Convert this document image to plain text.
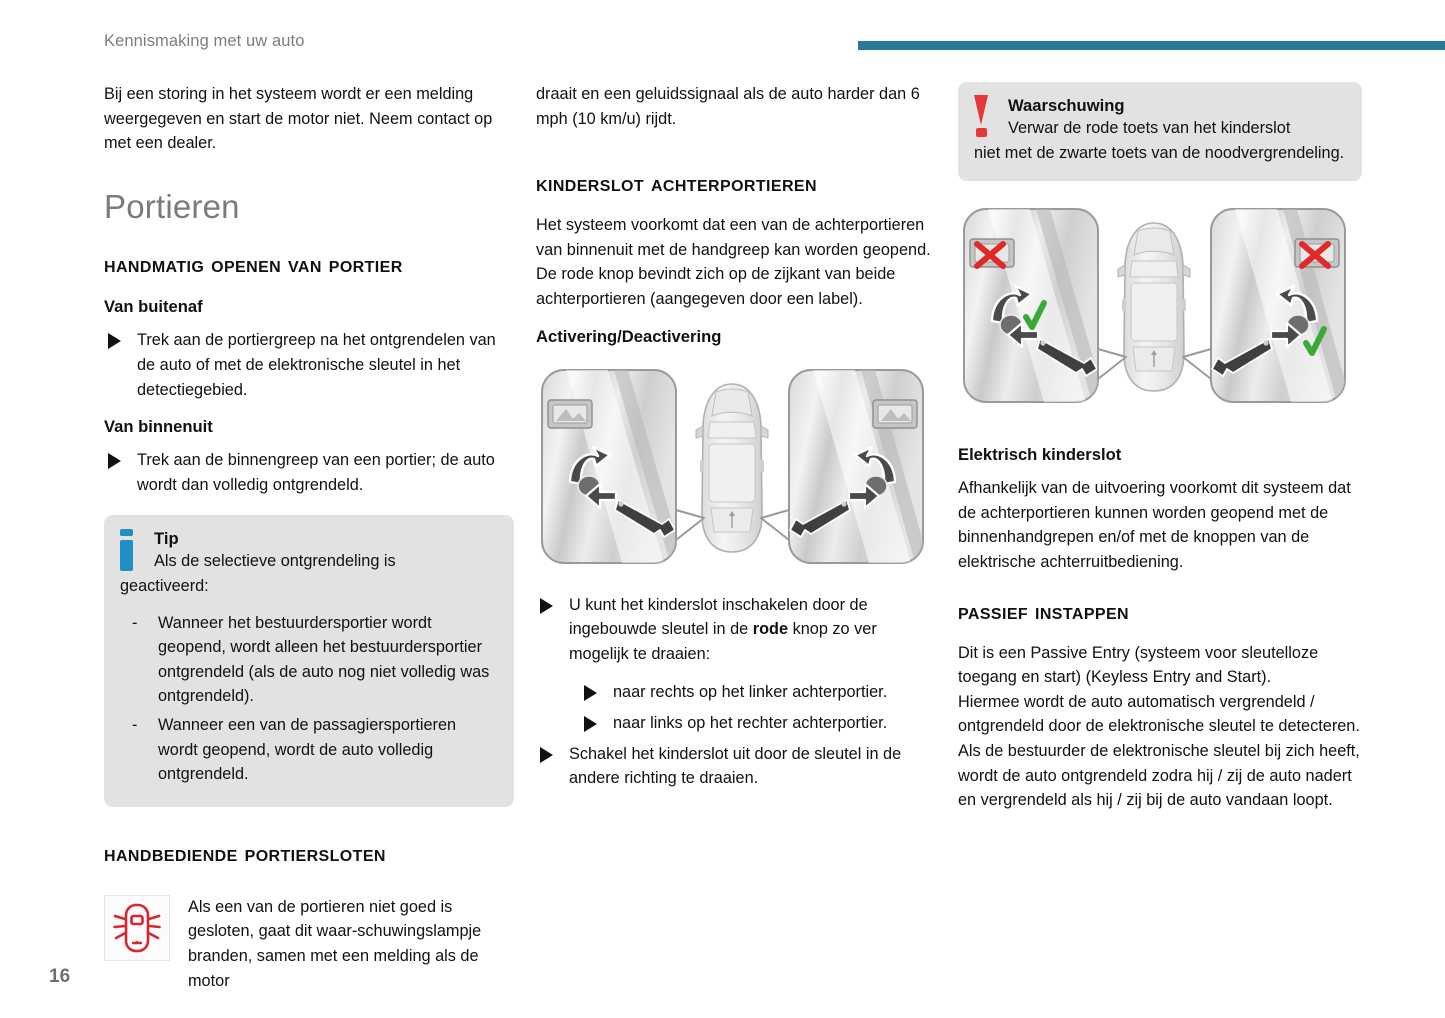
Kennismaking met uw auto
16

Bij een storing in het systeem wordt er een melding weergegeven en start de motor niet. Neem contact op met een dealer.

Portieren
handmatig openen van portier
Van buitenaf
Trek aan de portiergreep na het ontgrendelen van de auto of met de elektronische sleutel in het detectiegebied.
Van binnenuit
Trek aan de binnengreep van een portier; de auto wordt dan volledig ontgrendeld.
Tip
Als de selectieve ontgrendeling is
geactiveerd:
- Wanneer het bestuurdersportier wordt geopend, wordt alleen het bestuurdersportier ontgrendeld (als de auto nog niet volledig was ontgrendeld).
- Wanneer een van de passagiersportieren wordt geopend, wordt de auto volledig ontgrendeld.
handbediende portiersloten
Als een van de portieren niet goed is gesloten, gaat dit waar-schuwingslampje branden, samen met een melding als de motor

draait en een geluidssignaal als de auto harder dan 6 mph (10 km/u) rijdt.

kinderslot achterportieren

Het systeem voorkomt dat een van de achterportieren van binnenuit met de handgreep kan worden geopend.

De rode knop bevindt zich op de zijkant van beide achterportieren (aangegeven door een label).

Activering/Deactivering
U kunt het kinderslot inschakelen door de ingebouwde sleutel in de rode knop zo ver mogelijk te draaien:
naar rechts op het linker achterportier.
naar links op het rechter achterportier.
Schakel het kinderslot uit door de sleutel in de andere richting te draaien.
Waarschuwing
Verwar de rode toets van het kinderslot
niet met de zwarte toets van de noodvergrendeling.
Elektrisch kinderslot

Afhankelijk van de uitvoering voorkomt dit systeem dat de achterportieren kunnen worden geopend met de binnenhandgrepen en/of met de knoppen van de elektrische achterruitbediening.

passief instappen

Dit is een Passive Entry (systeem voor sleutelloze toegang en start) (Keyless Entry and Start).

Hiermee wordt de auto automatisch vergrendeld / ontgrendeld door de elektronische sleutel te detecteren.

Als de bestuurder de elektronische sleutel bij zich heeft, wordt de auto ontgrendeld zodra hij / zij de auto nadert en vergrendeld als hij / zij bij de auto vandaan loopt.
